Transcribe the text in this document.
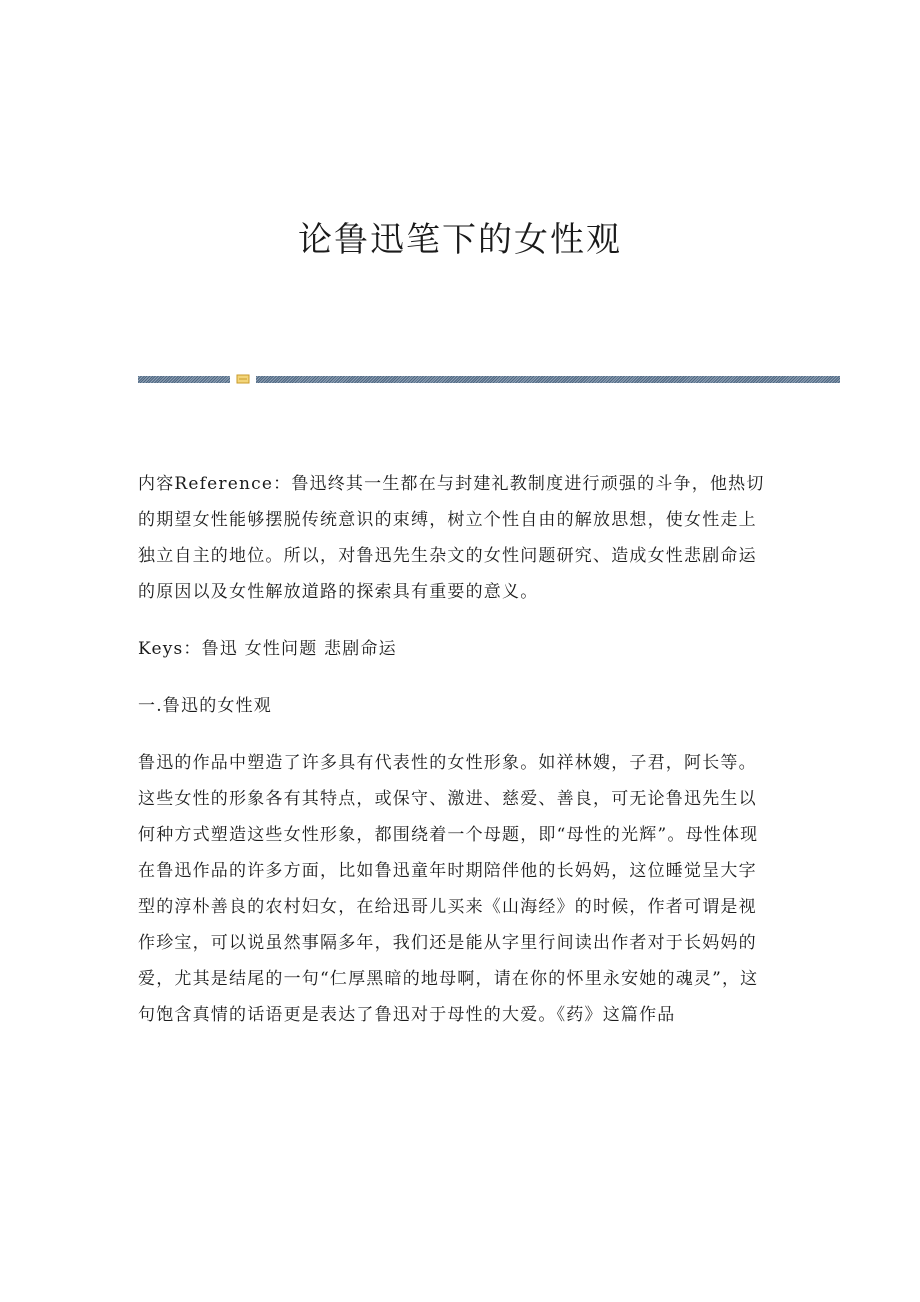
论鲁迅笔下的女性观

内容Reference：鲁迅终其一生都在与封建礼教制度进行顽强的斗争，他热切的期望女性能够摆脱传统意识的束缚，树立个性自由的解放思想，使女性走上独立自主的地位。所以，对鲁迅先生杂文的女性问题研究、造成女性悲剧命运的原因以及女性解放道路的探索具有重要的意义。

Keys：鲁迅 女性问题 悲剧命运

一.鲁迅的女性观

鲁迅的作品中塑造了许多具有代表性的女性形象。如祥林嫂，子君，阿长等。这些女性的形象各有其特点，或保守、激进、慈爱、善良，可无论鲁迅先生以何种方式塑造这些女性形象，都围绕着一个母题，即“母性的光辉”。母性体现在鲁迅作品的许多方面，比如鲁迅童年时期陪伴他的长妈妈，这位睡觉呈大字型的淳朴善良的农村妇女，在给迅哥儿买来《山海经》的时候，作者可谓是视作珍宝，可以说虽然事隔多年，我们还是能从字里行间读出作者对于长妈妈的爱，尤其是结尾的一句“仁厚黑暗的地母啊，请在你的怀里永安她的魂灵”，这句饱含真情的话语更是表达了鲁迅对于母性的大爱。《药》这篇作品
